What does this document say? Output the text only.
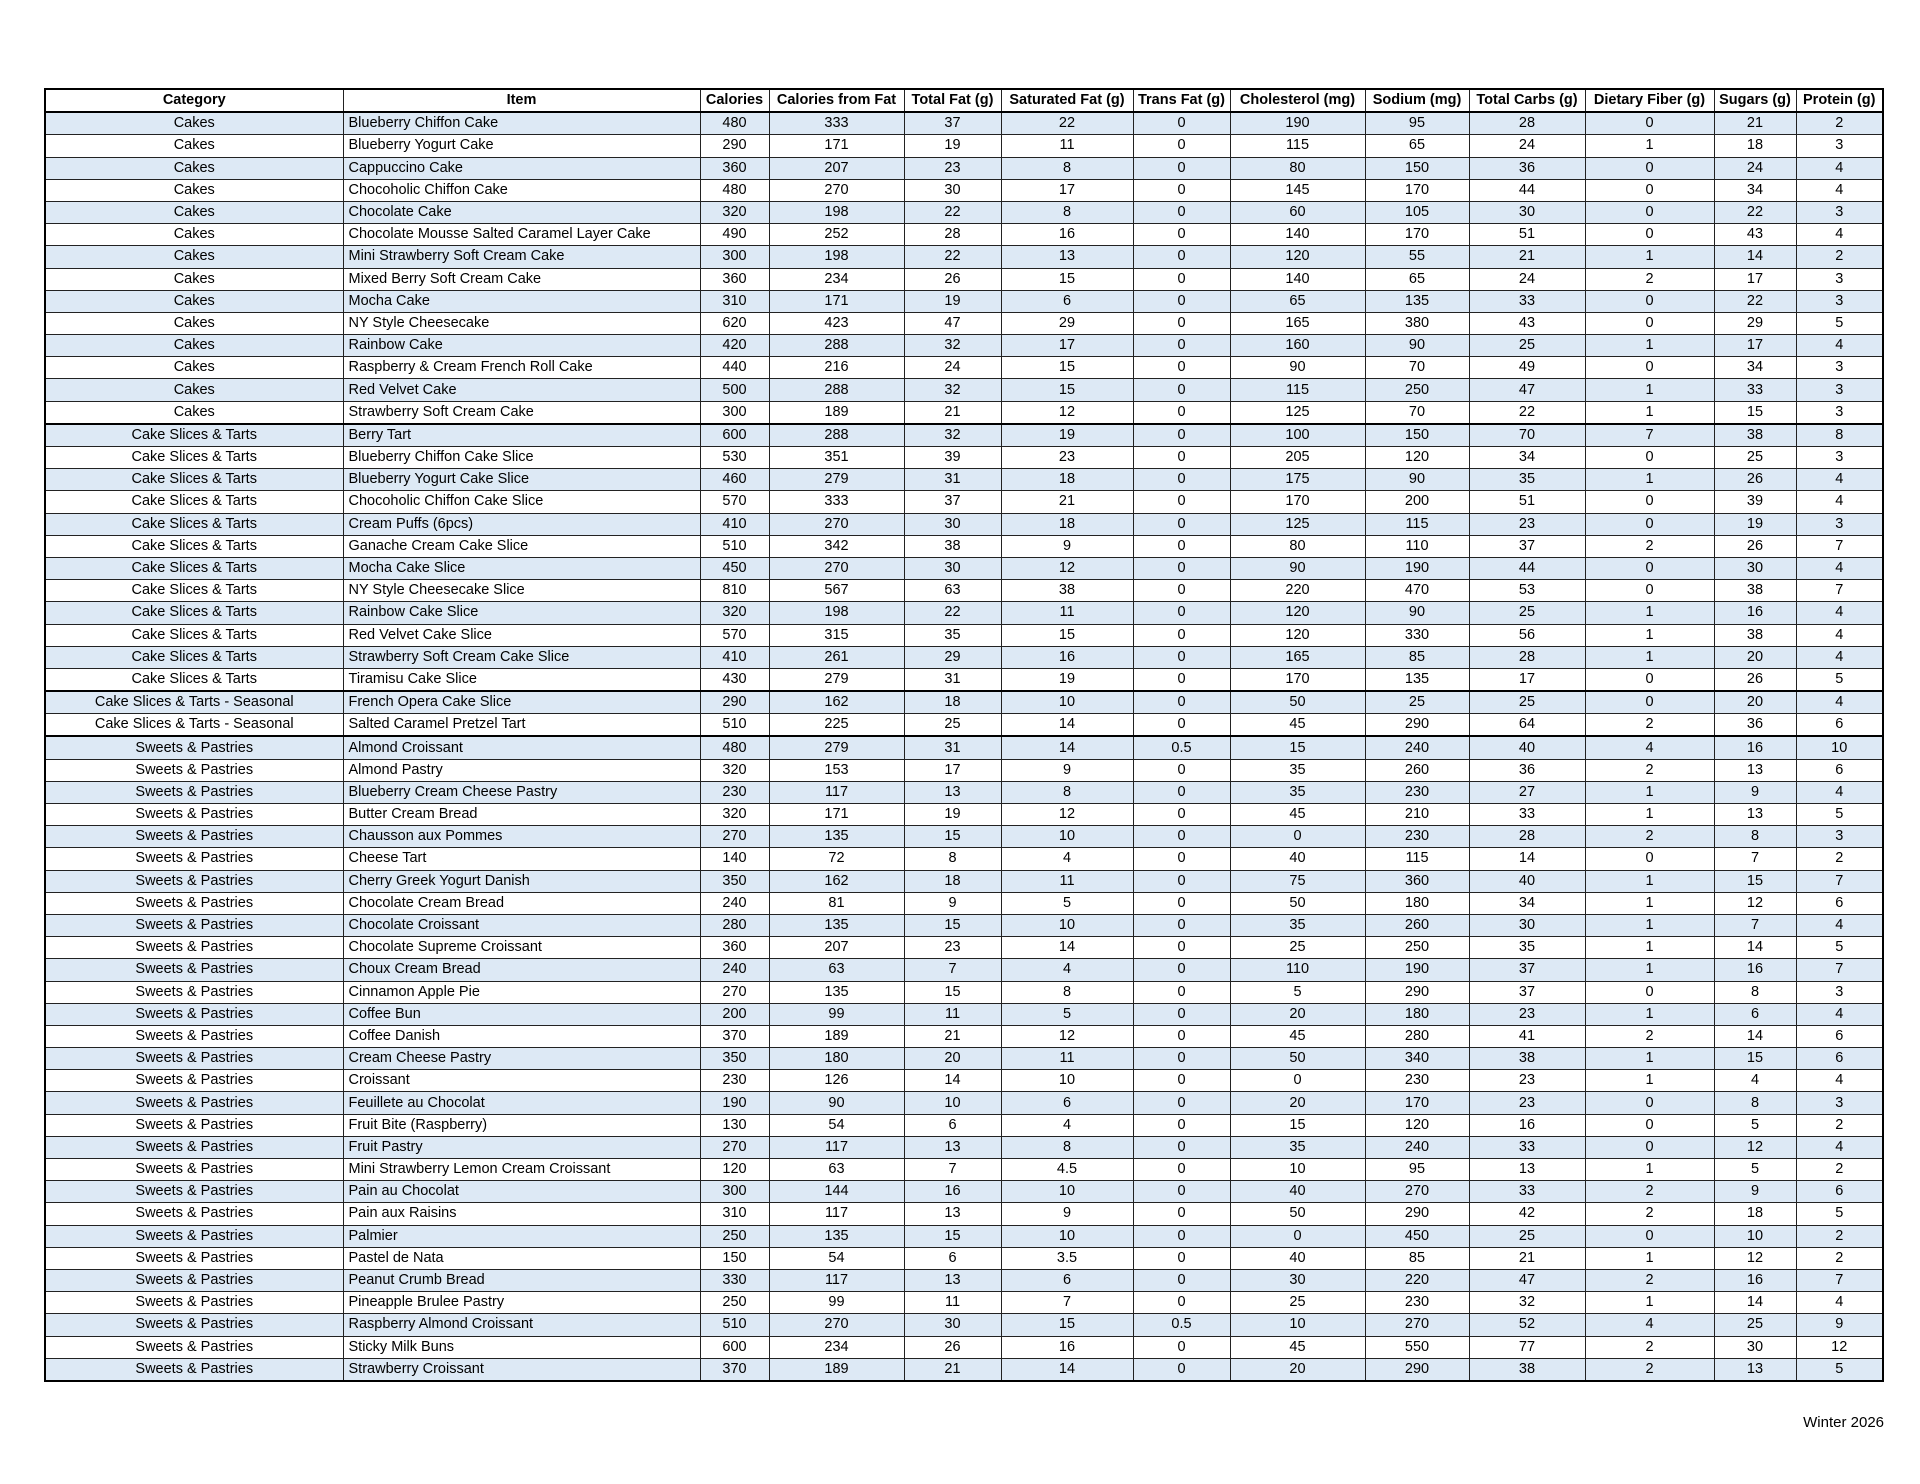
Category	Item	Calories	Calories from Fat	Total Fat (g)	Saturated Fat (g)	Trans Fat (g)	Cholesterol (mg)	Sodium (mg)	Total Carbs (g)	Dietary Fiber (g)	Sugars (g)	Protein (g)
Cakes	Blueberry Chiffon Cake	480	333	37	22	0	190	95	28	0	21	2
Cakes	Blueberry Yogurt Cake	290	171	19	11	0	115	65	24	1	18	3
Cakes	Cappuccino Cake	360	207	23	8	0	80	150	36	0	24	4
Cakes	Chocoholic Chiffon Cake	480	270	30	17	0	145	170	44	0	34	4
Cakes	Chocolate Cake	320	198	22	8	0	60	105	30	0	22	3
Cakes	Chocolate Mousse Salted Caramel Layer Cake	490	252	28	16	0	140	170	51	0	43	4
Cakes	Mini Strawberry Soft Cream Cake	300	198	22	13	0	120	55	21	1	14	2
Cakes	Mixed Berry Soft Cream Cake	360	234	26	15	0	140	65	24	2	17	3
Cakes	Mocha Cake	310	171	19	6	0	65	135	33	0	22	3
Cakes	NY Style Cheesecake	620	423	47	29	0	165	380	43	0	29	5
Cakes	Rainbow Cake	420	288	32	17	0	160	90	25	1	17	4
Cakes	Raspberry & Cream French Roll Cake	440	216	24	15	0	90	70	49	0	34	3
Cakes	Red Velvet Cake	500	288	32	15	0	115	250	47	1	33	3
Cakes	Strawberry Soft Cream Cake	300	189	21	12	0	125	70	22	1	15	3
Cake Slices & Tarts	Berry Tart	600	288	32	19	0	100	150	70	7	38	8
Cake Slices & Tarts	Blueberry Chiffon Cake Slice	530	351	39	23	0	205	120	34	0	25	3
Cake Slices & Tarts	Blueberry Yogurt Cake Slice	460	279	31	18	0	175	90	35	1	26	4
Cake Slices & Tarts	Chocoholic Chiffon Cake Slice	570	333	37	21	0	170	200	51	0	39	4
Cake Slices & Tarts	Cream Puffs (6pcs)	410	270	30	18	0	125	115	23	0	19	3
Cake Slices & Tarts	Ganache Cream Cake Slice	510	342	38	9	0	80	110	37	2	26	7
Cake Slices & Tarts	Mocha Cake Slice	450	270	30	12	0	90	190	44	0	30	4
Cake Slices & Tarts	NY Style Cheesecake Slice	810	567	63	38	0	220	470	53	0	38	7
Cake Slices & Tarts	Rainbow Cake Slice	320	198	22	11	0	120	90	25	1	16	4
Cake Slices & Tarts	Red Velvet Cake Slice	570	315	35	15	0	120	330	56	1	38	4
Cake Slices & Tarts	Strawberry Soft Cream Cake Slice	410	261	29	16	0	165	85	28	1	20	4
Cake Slices & Tarts	Tiramisu Cake Slice	430	279	31	19	0	170	135	17	0	26	5
Cake Slices & Tarts - Seasonal	French Opera Cake Slice	290	162	18	10	0	50	25	25	0	20	4
Cake Slices & Tarts - Seasonal	Salted Caramel Pretzel Tart	510	225	25	14	0	45	290	64	2	36	6
Sweets & Pastries	Almond Croissant	480	279	31	14	0.5	15	240	40	4	16	10
Sweets & Pastries	Almond Pastry	320	153	17	9	0	35	260	36	2	13	6
Sweets & Pastries	Blueberry Cream Cheese Pastry	230	117	13	8	0	35	230	27	1	9	4
Sweets & Pastries	Butter Cream Bread	320	171	19	12	0	45	210	33	1	13	5
Sweets & Pastries	Chausson aux Pommes	270	135	15	10	0	0	230	28	2	8	3
Sweets & Pastries	Cheese Tart	140	72	8	4	0	40	115	14	0	7	2
Sweets & Pastries	Cherry Greek Yogurt Danish	350	162	18	11	0	75	360	40	1	15	7
Sweets & Pastries	Chocolate Cream Bread	240	81	9	5	0	50	180	34	1	12	6
Sweets & Pastries	Chocolate Croissant	280	135	15	10	0	35	260	30	1	7	4
Sweets & Pastries	Chocolate Supreme Croissant	360	207	23	14	0	25	250	35	1	14	5
Sweets & Pastries	Choux Cream Bread	240	63	7	4	0	110	190	37	1	16	7
Sweets & Pastries	Cinnamon Apple Pie	270	135	15	8	0	5	290	37	0	8	3
Sweets & Pastries	Coffee Bun	200	99	11	5	0	20	180	23	1	6	4
Sweets & Pastries	Coffee Danish	370	189	21	12	0	45	280	41	2	14	6
Sweets & Pastries	Cream Cheese Pastry	350	180	20	11	0	50	340	38	1	15	6
Sweets & Pastries	Croissant	230	126	14	10	0	0	230	23	1	4	4
Sweets & Pastries	Feuillete au Chocolat	190	90	10	6	0	20	170	23	0	8	3
Sweets & Pastries	Fruit Bite (Raspberry)	130	54	6	4	0	15	120	16	0	5	2
Sweets & Pastries	Fruit Pastry	270	117	13	8	0	35	240	33	0	12	4
Sweets & Pastries	Mini Strawberry Lemon Cream Croissant	120	63	7	4.5	0	10	95	13	1	5	2
Sweets & Pastries	Pain au Chocolat	300	144	16	10	0	40	270	33	2	9	6
Sweets & Pastries	Pain aux Raisins	310	117	13	9	0	50	290	42	2	18	5
Sweets & Pastries	Palmier	250	135	15	10	0	0	450	25	0	10	2
Sweets & Pastries	Pastel de Nata	150	54	6	3.5	0	40	85	21	1	12	2
Sweets & Pastries	Peanut Crumb Bread	330	117	13	6	0	30	220	47	2	16	7
Sweets & Pastries	Pineapple Brulee Pastry	250	99	11	7	0	25	230	32	1	14	4
Sweets & Pastries	Raspberry Almond Croissant	510	270	30	15	0.5	10	270	52	4	25	9
Sweets & Pastries	Sticky Milk Buns	600	234	26	16	0	45	550	77	2	30	12
Sweets & Pastries	Strawberry Croissant	370	189	21	14	0	20	290	38	2	13	5
Winter 2026
